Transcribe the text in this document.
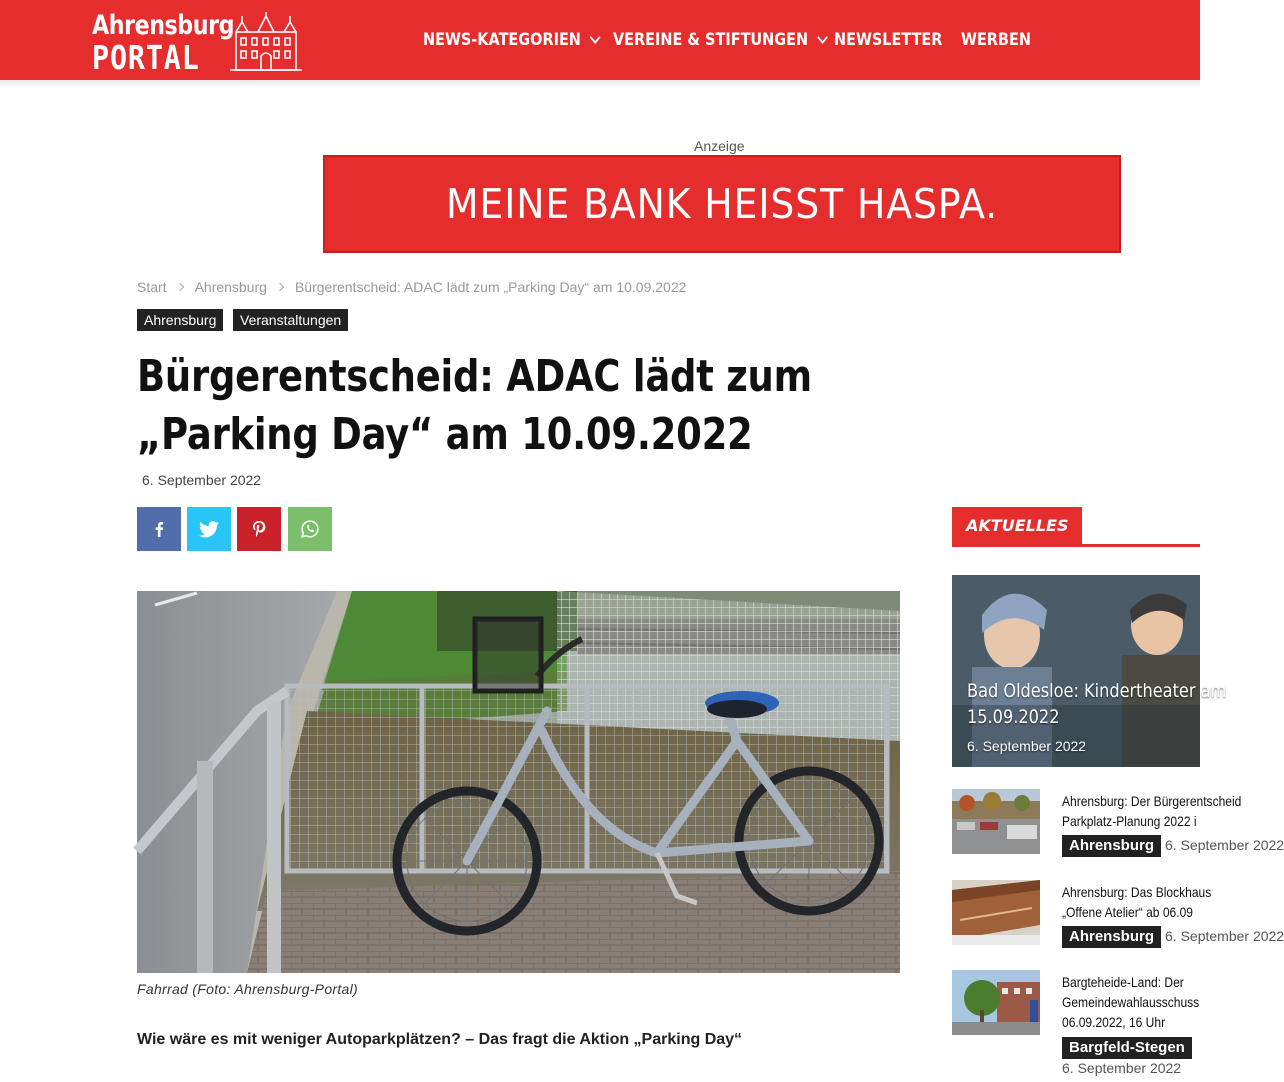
Ahrensburg
PORTAL	NEWS-KATEGORIEN VEREINE & STIFTUNGEN NEWSLETTER WERBEN
Anzeige
MEINE BANK HEISST HASPA.
Start Ahrensburg Bürgerentscheid: ADAC lädt zum „Parking Day“ am 10.09.2022
Ahrensburg	Veranstaltungen
Bürgerentscheid: ADAC lädt zum „Parking Day“ am 10.09.2022
6. September 2022
Fahrrad (Foto: Ahrensburg-Portal)

Wie wäre es mit weniger Autoparkplätzen? – Das fragt die Aktion „Parking Day“

AKTUELLES
Bad Oldesloe: Kindertheater am 15.09.2022
6. September 2022
Ahrensburg: Der Bürgerentscheid
Parkplatz-Planung 2022 i
Ahrensburg 6. September 2022
Ahrensburg: Das Blockhaus
„Offene Atelier“ ab 06.09
Ahrensburg 6. September 2022
Bargteheide-Land: Der
Gemeindewahlausschuss
06.09.2022, 16 Uhr
Bargfeld-Stegen
6. September 2022
